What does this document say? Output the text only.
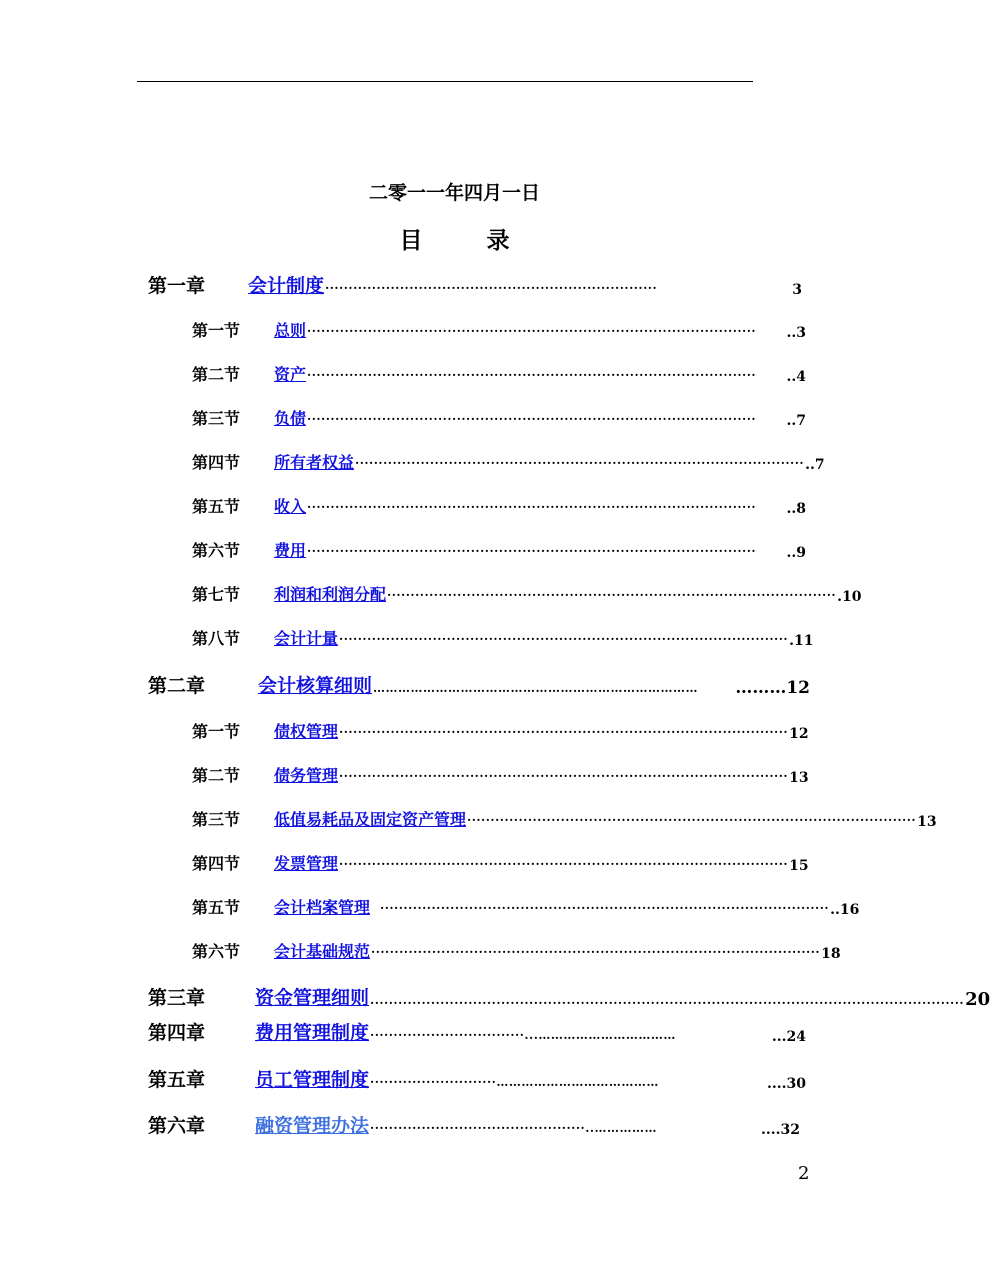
二零一一年四月一日
目 录
第一章	会计制度 ·······································································	3
第一节	总则 ································································································	..3
第二节	资产 ································································································	..4
第三节	负债 ································································································	..7
第四节	所有者权益 ································································································ ..7
第五节	收入 ································································································	..8
第六节	费用 ································································································	..9
第七节	利润和利润分配 ································································································ .10
第八节	会计计量 ································································································ .11
第二章	会计核算细则 ……………………………………………………………………	………12
第一节	债权管理 ································································································ 12
第二节	债务管理 ································································································ 13
第三节	低值易耗品及固定资产管理 ································································································ 13
第四节	发票管理 ································································································ 15
第五节	会计档案管理 ································································································ ..16
第六节	会计基础规范 ································································································ 18
第三章	资金管理细则 ............................................................................................................................... 20
第四章	费用管理制度 ·································...……………………………	...24
第五章	员工管理制度 ···························…………………………………	....30
第六章	融资管理办法 ··············································..……………	....32
2
